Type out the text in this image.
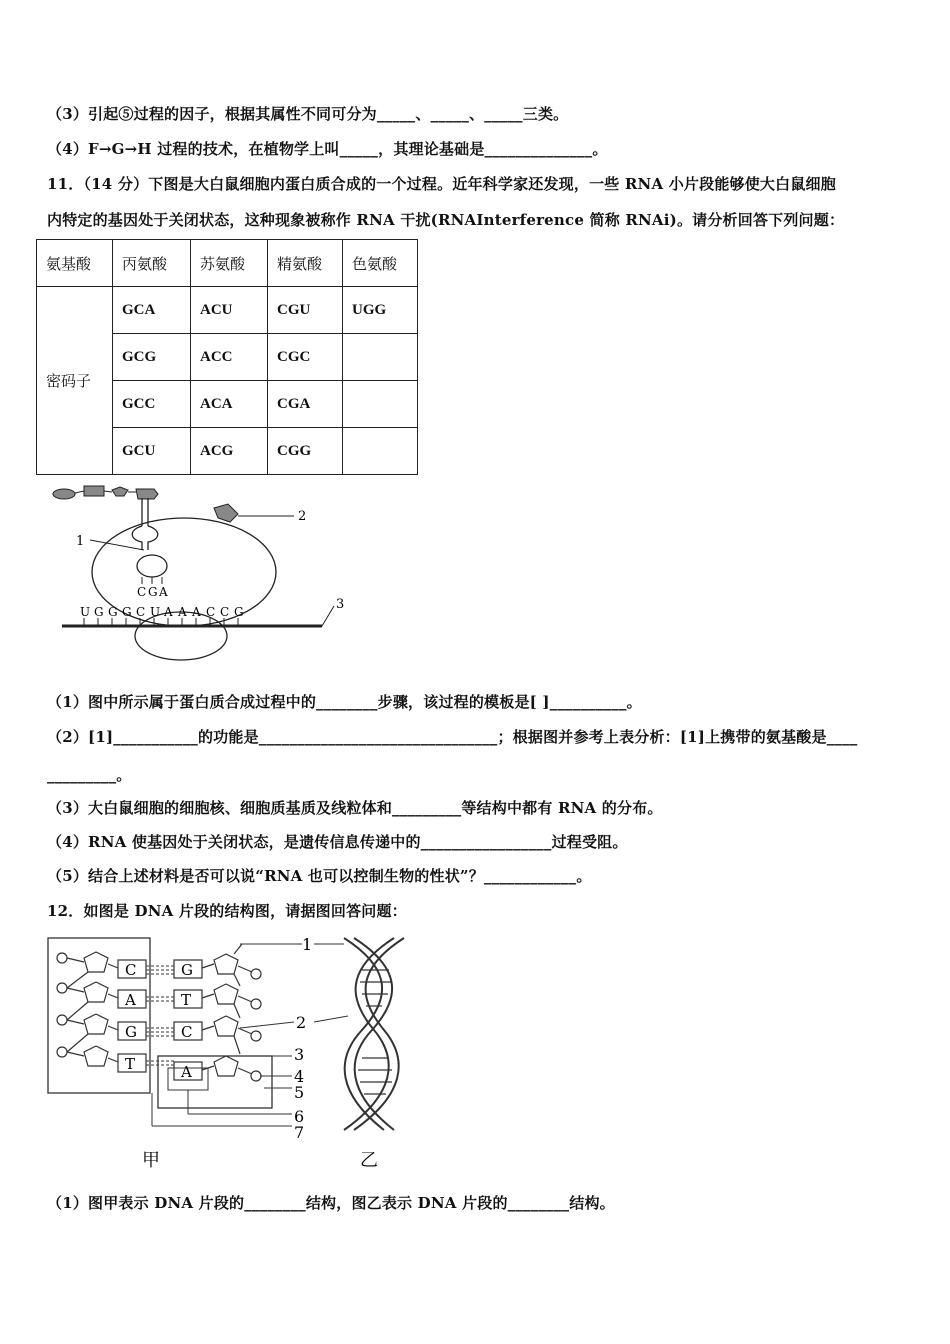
（3）引起⑤过程的因子，根据其属性不同可分为_____、_____、_____三类。
（4）F→G→H 过程的技术，在植物学上叫_____，其理论基础是______________。
11．（14 分）下图是大白鼠细胞内蛋白质合成的一个过程。近年科学家还发现，一些 RNA 小片段能够使大白鼠细胞
内特定的基因处于关闭状态，这种现象被称作 RNA 干扰(RNAInterference 简称 RNAi)。请分析回答下列问题：
氨基酸	丙氨酸	苏氨酸	精氨酸	色氨酸
密码子	GCA	ACU	CGU	UGG
	GCG	ACC	CGC	
	GCC	ACA	CGA	
	GCU	ACG	CGG	
2
C G A
1
U G G G C U A A A C C G	3
（1）图中所示属于蛋白质合成过程中的________步骤，该过程的模板是[ ]__________。
（2）[1]___________的功能是_______________________________；根据图并参考上表分析：[1]上携带的氨基酸是____
_________。
（3）大白鼠细胞的细胞核、细胞质基质及线粒体和_________等结构中都有 RNA 的分布。
（4）RNA 使基因处于关闭状态，是遗传信息传递中的_________________过程受阻。
（5）结合上述材料是否可以说“RNA 也可以控制生物的性状”？____________。
12．如图是 DNA 片段的结构图，请据图回答问题：
C
A
G
T
G
T
C
A
1
2
3
4
5
6
7
甲	乙
（1）图甲表示 DNA 片段的________结构，图乙表示 DNA 片段的________结构。
